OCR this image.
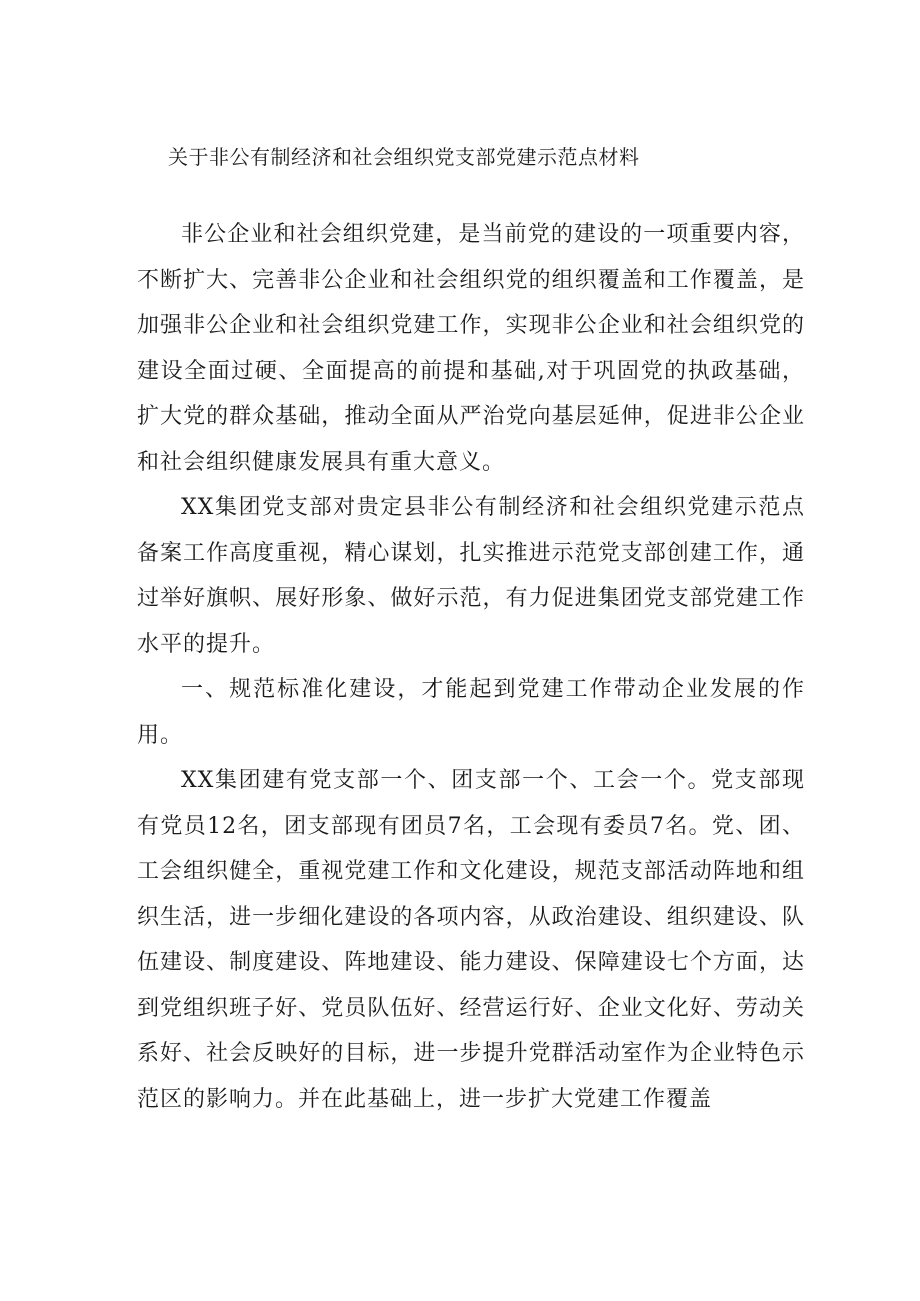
关于非公有制经济和社会组织党支部党建示范点材料

非公企业和社会组织党建，是当前党的建设的一项重要内容，不断扩大、完善非公企业和社会组织党的组织覆盖和工作覆盖，是加强非公企业和社会组织党建工作，实现非公企业和社会组织党的建设全面过硬、全面提高的前提和基础,对于巩固党的执政基础，扩大党的群众基础，推动全面从严治党向基层延伸，促进非公企业和社会组织健康发展具有重大意义。

XX集团党支部对贵定县非公有制经济和社会组织党建示范点备案工作高度重视，精心谋划，扎实推进示范党支部创建工作，通过举好旗帜、展好形象、做好示范，有力促进集团党支部党建工作水平的提升。

一、规范标准化建设，才能起到党建工作带动企业发展的作用。

XX集团建有党支部一个、团支部一个、工会一个。党支部现有党员12名，团支部现有团员7名，工会现有委员7名。党、团、工会组织健全，重视党建工作和文化建设，规范支部活动阵地和组织生活，进一步细化建设的各项内容，从政治建设、组织建设、队伍建设、制度建设、阵地建设、能力建设、保障建设七个方面，达到党组织班子好、党员队伍好、经营运行好、企业文化好、劳动关系好、社会反映好的目标，进一步提升党群活动室作为企业特色示范区的影响力。并在此基础上，进一步扩大党建工作覆盖
